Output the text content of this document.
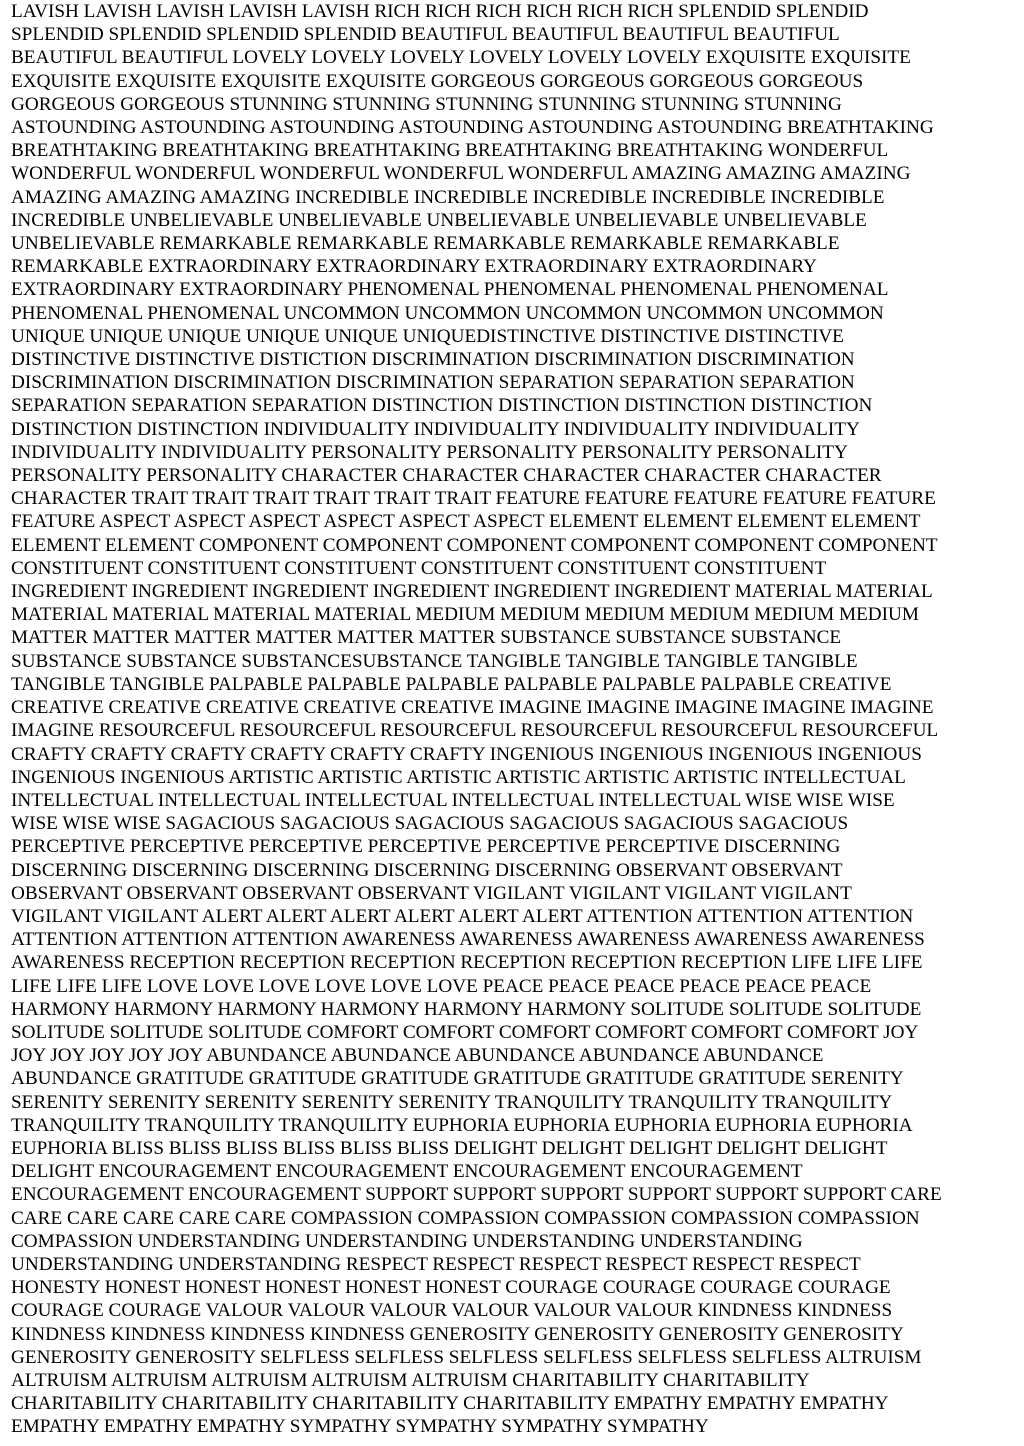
LAVISH LAVISH LAVISH LAVISH LAVISH RICH RICH RICH RICH RICH RICH SPLENDID SPLENDID
SPLENDID SPLENDID SPLENDID SPLENDID BEAUTIFUL BEAUTIFUL BEAUTIFUL BEAUTIFUL
BEAUTIFUL BEAUTIFUL LOVELY LOVELY LOVELY LOVELY LOVELY LOVELY EXQUISITE EXQUISITE
EXQUISITE EXQUISITE EXQUISITE EXQUISITE GORGEOUS GORGEOUS GORGEOUS GORGEOUS
GORGEOUS GORGEOUS STUNNING STUNNING STUNNING STUNNING STUNNING STUNNING
ASTOUNDING ASTOUNDING ASTOUNDING ASTOUNDING ASTOUNDING ASTOUNDING BREATHTAKING
BREATHTAKING BREATHTAKING BREATHTAKING BREATHTAKING BREATHTAKING WONDERFUL
WONDERFUL WONDERFUL WONDERFUL WONDERFUL WONDERFUL AMAZING AMAZING AMAZING
AMAZING AMAZING AMAZING INCREDIBLE INCREDIBLE INCREDIBLE INCREDIBLE INCREDIBLE
INCREDIBLE UNBELIEVABLE UNBELIEVABLE UNBELIEVABLE UNBELIEVABLE UNBELIEVABLE
UNBELIEVABLE REMARKABLE REMARKABLE REMARKABLE REMARKABLE REMARKABLE
REMARKABLE EXTRAORDINARY EXTRAORDINARY EXTRAORDINARY EXTRAORDINARY
EXTRAORDINARY EXTRAORDINARY PHENOMENAL PHENOMENAL PHENOMENAL PHENOMENAL
PHENOMENAL PHENOMENAL UNCOMMON UNCOMMON UNCOMMON UNCOMMON UNCOMMON
UNIQUE UNIQUE UNIQUE UNIQUE UNIQUE UNIQUEDISTINCTIVE DISTINCTIVE DISTINCTIVE
DISTINCTIVE DISTINCTIVE DISTICTION DISCRIMINATION DISCRIMINATION DISCRIMINATION
DISCRIMINATION DISCRIMINATION DISCRIMINATION SEPARATION SEPARATION SEPARATION
SEPARATION SEPARATION SEPARATION DISTINCTION DISTINCTION DISTINCTION DISTINCTION
DISTINCTION DISTINCTION INDIVIDUALITY INDIVIDUALITY INDIVIDUALITY INDIVIDUALITY
INDIVIDUALITY INDIVIDUALITY PERSONALITY PERSONALITY PERSONALITY PERSONALITY
PERSONALITY PERSONALITY CHARACTER CHARACTER CHARACTER CHARACTER CHARACTER
CHARACTER TRAIT TRAIT TRAIT TRAIT TRAIT TRAIT FEATURE FEATURE FEATURE FEATURE FEATURE
FEATURE ASPECT ASPECT ASPECT ASPECT ASPECT ASPECT ELEMENT ELEMENT ELEMENT ELEMENT
ELEMENT ELEMENT COMPONENT COMPONENT COMPONENT COMPONENT COMPONENT COMPONENT
CONSTITUENT CONSTITUENT CONSTITUENT CONSTITUENT CONSTITUENT CONSTITUENT
INGREDIENT INGREDIENT INGREDIENT INGREDIENT INGREDIENT INGREDIENT MATERIAL MATERIAL
MATERIAL MATERIAL MATERIAL MATERIAL MEDIUM MEDIUM MEDIUM MEDIUM MEDIUM MEDIUM
MATTER MATTER MATTER MATTER MATTER MATTER SUBSTANCE SUBSTANCE SUBSTANCE
SUBSTANCE SUBSTANCE SUBSTANCESUBSTANCE TANGIBLE TANGIBLE TANGIBLE TANGIBLE
TANGIBLE TANGIBLE PALPABLE PALPABLE PALPABLE PALPABLE PALPABLE PALPABLE CREATIVE
CREATIVE CREATIVE CREATIVE CREATIVE CREATIVE IMAGINE IMAGINE IMAGINE IMAGINE IMAGINE
IMAGINE RESOURCEFUL RESOURCEFUL RESOURCEFUL RESOURCEFUL RESOURCEFUL RESOURCEFUL
CRAFTY CRAFTY CRAFTY CRAFTY CRAFTY CRAFTY INGENIOUS INGENIOUS INGENIOUS INGENIOUS
INGENIOUS INGENIOUS ARTISTIC ARTISTIC ARTISTIC ARTISTIC ARTISTIC ARTISTIC INTELLECTUAL
INTELLECTUAL INTELLECTUAL INTELLECTUAL INTELLECTUAL INTELLECTUAL WISE WISE WISE
WISE WISE WISE SAGACIOUS SAGACIOUS SAGACIOUS SAGACIOUS SAGACIOUS SAGACIOUS
PERCEPTIVE PERCEPTIVE PERCEPTIVE PERCEPTIVE PERCEPTIVE PERCEPTIVE DISCERNING
DISCERNING DISCERNING DISCERNING DISCERNING DISCERNING OBSERVANT OBSERVANT
OBSERVANT OBSERVANT OBSERVANT OBSERVANT VIGILANT VIGILANT VIGILANT VIGILANT
VIGILANT VIGILANT ALERT ALERT ALERT ALERT ALERT ALERT ATTENTION ATTENTION ATTENTION
ATTENTION ATTENTION ATTENTION AWARENESS AWARENESS AWARENESS AWARENESS AWARENESS
AWARENESS RECEPTION RECEPTION RECEPTION RECEPTION RECEPTION RECEPTION LIFE LIFE LIFE
LIFE LIFE LIFE LOVE LOVE LOVE LOVE LOVE LOVE PEACE PEACE PEACE PEACE PEACE PEACE
HARMONY HARMONY HARMONY HARMONY HARMONY HARMONY SOLITUDE SOLITUDE SOLITUDE
SOLITUDE SOLITUDE SOLITUDE COMFORT COMFORT COMFORT COMFORT COMFORT COMFORT JOY
JOY JOY JOY JOY JOY ABUNDANCE ABUNDANCE ABUNDANCE ABUNDANCE ABUNDANCE
ABUNDANCE GRATITUDE GRATITUDE GRATITUDE GRATITUDE GRATITUDE GRATITUDE SERENITY
SERENITY SERENITY SERENITY SERENITY SERENITY TRANQUILITY TRANQUILITY TRANQUILITY
TRANQUILITY TRANQUILITY TRANQUILITY EUPHORIA EUPHORIA EUPHORIA EUPHORIA EUPHORIA
EUPHORIA BLISS BLISS BLISS BLISS BLISS BLISS DELIGHT DELIGHT DELIGHT DELIGHT DELIGHT
DELIGHT ENCOURAGEMENT ENCOURAGEMENT ENCOURAGEMENT ENCOURAGEMENT
ENCOURAGEMENT ENCOURAGEMENT SUPPORT SUPPORT SUPPORT SUPPORT SUPPORT SUPPORT CARE
CARE CARE CARE CARE CARE COMPASSION COMPASSION COMPASSION COMPASSION COMPASSION
COMPASSION UNDERSTANDING UNDERSTANDING UNDERSTANDING UNDERSTANDING
UNDERSTANDING UNDERSTANDING RESPECT RESPECT RESPECT RESPECT RESPECT RESPECT
HONESTY HONEST HONEST HONEST HONEST HONEST COURAGE COURAGE COURAGE COURAGE
COURAGE COURAGE VALOUR VALOUR VALOUR VALOUR VALOUR VALOUR KINDNESS KINDNESS
KINDNESS KINDNESS KINDNESS KINDNESS GENEROSITY GENEROSITY GENEROSITY GENEROSITY
GENEROSITY GENEROSITY SELFLESS SELFLESS SELFLESS SELFLESS SELFLESS SELFLESS ALTRUISM
ALTRUISM ALTRUISM ALTRUISM ALTRUISM ALTRUISM CHARITABILITY CHARITABILITY
CHARITABILITY CHARITABILITY CHARITABILITY CHARITABILITY EMPATHY EMPATHY EMPATHY
EMPATHY EMPATHY EMPATHY SYMPATHY SYMPATHY SYMPATHY SYMPATHY
